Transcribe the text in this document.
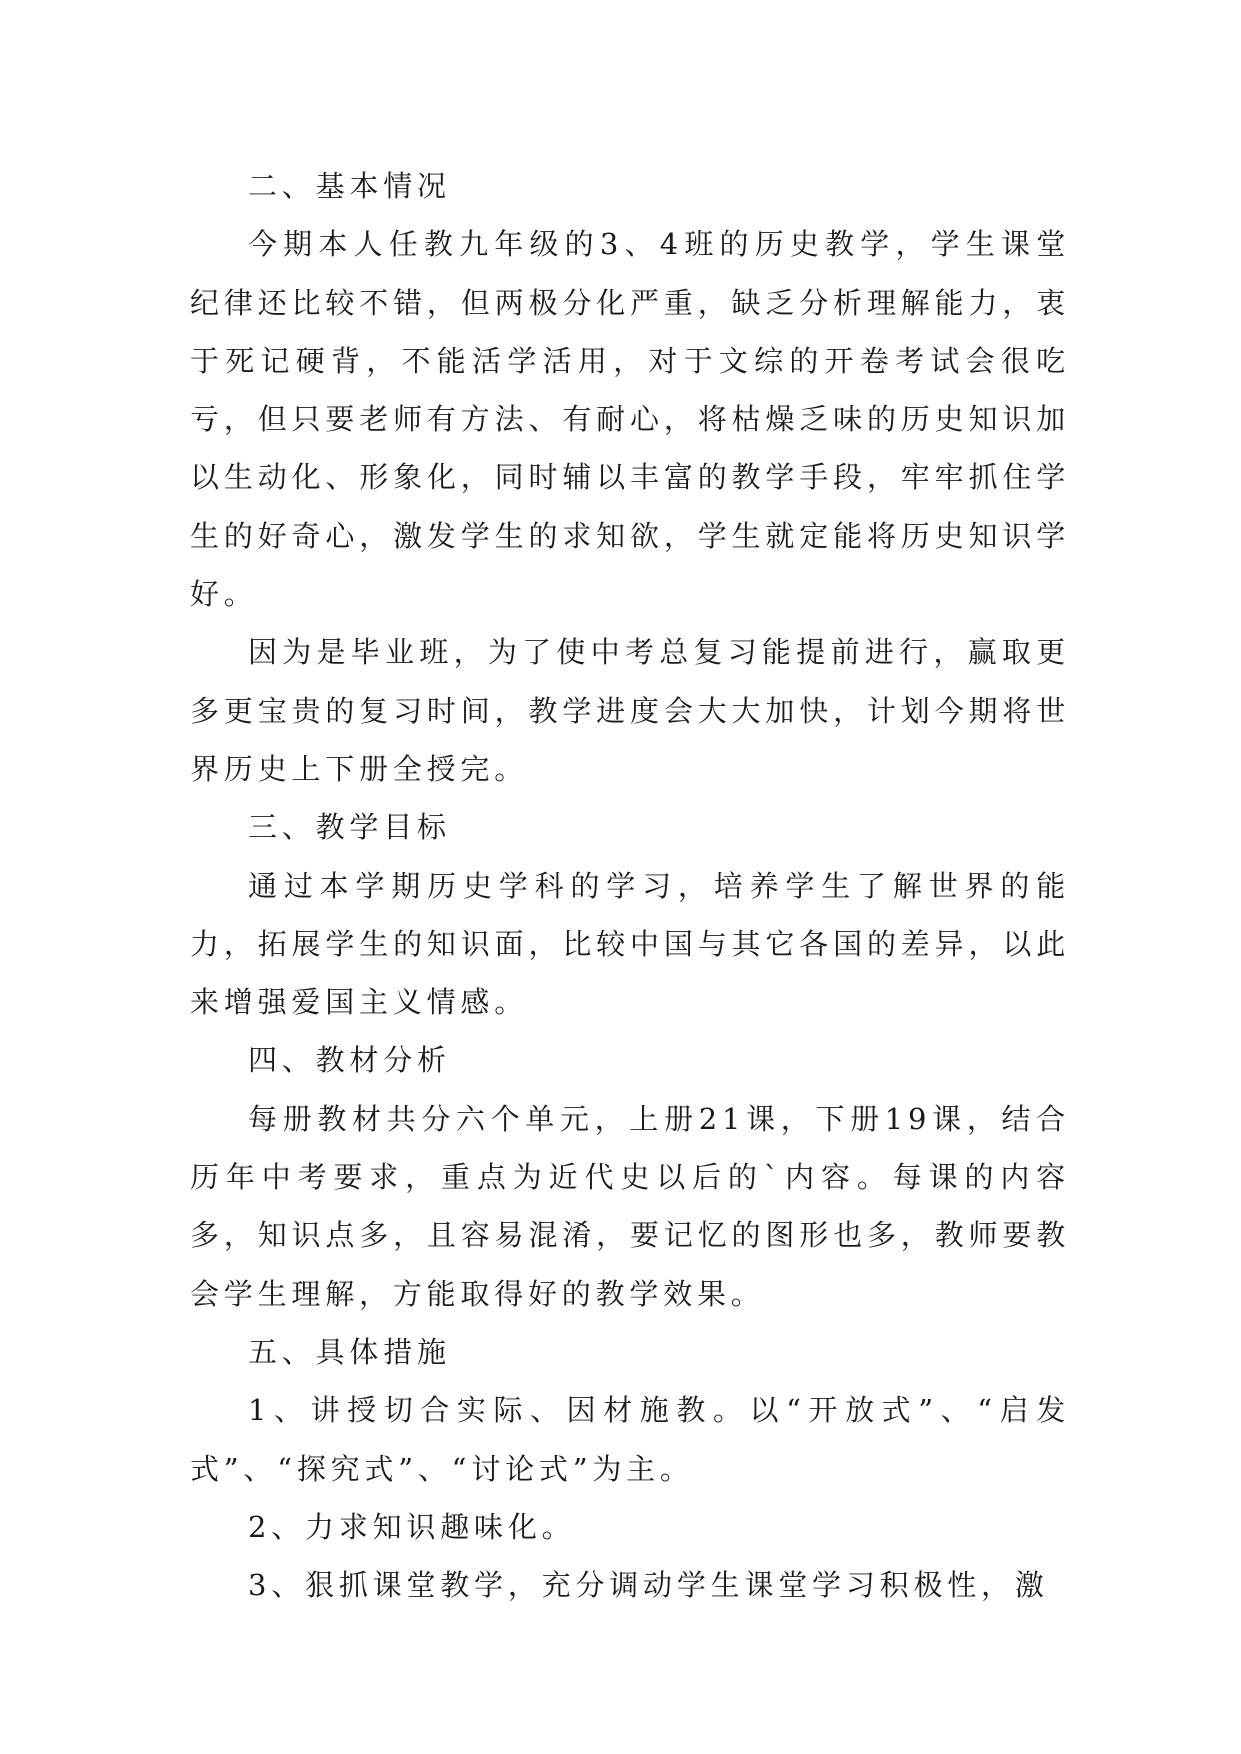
二、基本情况

今期本人任教九年级的3、4班的历史教学，学生课堂纪律还比较不错，但两极分化严重，缺乏分析理解能力，衷于死记硬背，不能活学活用，对于文综的开卷考试会很吃亏，但只要老师有方法、有耐心，将枯燥乏味的历史知识加以生动化、形象化，同时辅以丰富的教学手段，牢牢抓住学生的好奇心，激发学生的求知欲，学生就定能将历史知识学好。

因为是毕业班，为了使中考总复习能提前进行，赢取更多更宝贵的复习时间，教学进度会大大加快，计划今期将世界历史上下册全授完。

三、教学目标

通过本学期历史学科的学习，培养学生了解世界的能力，拓展学生的知识面，比较中国与其它各国的差异，以此来增强爱国主义情感。

四、教材分析

每册教材共分六个单元，上册21课，下册19课，结合历年中考要求，重点为近代史以后的`内容。每课的内容多，知识点多，且容易混淆，要记忆的图形也多，教师要教会学生理解，方能取得好的教学效果。

五、具体措施

1、讲授切合实际、因材施教。以“开放式”、“启发式”、“探究式”、“讨论式”为主。

2、力求知识趣味化。

3、狠抓课堂教学，充分调动学生课堂学习积极性，激
